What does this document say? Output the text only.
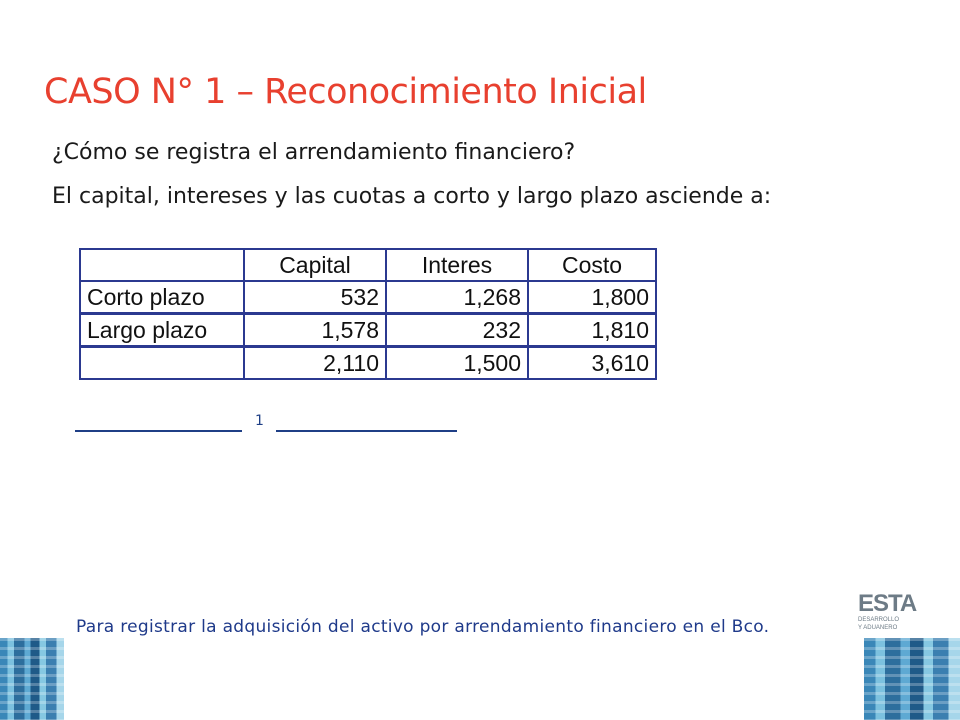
CASO N° 1 – Reconocimiento Inicial
¿Cómo se registra el arrendamiento financiero?
El capital, intereses y las cuotas a corto y largo plazo asciende a:
	Capital	Interes	Costo
Corto plazo	532	1,268	1,800
Largo plazo	1,578	232	1,810
	2,110	1,500	3,610
1
Para registrar la adquisición del activo por arrendamiento financiero en el Bco.
ESTA
DESARROLLO
Y ADUANERO
